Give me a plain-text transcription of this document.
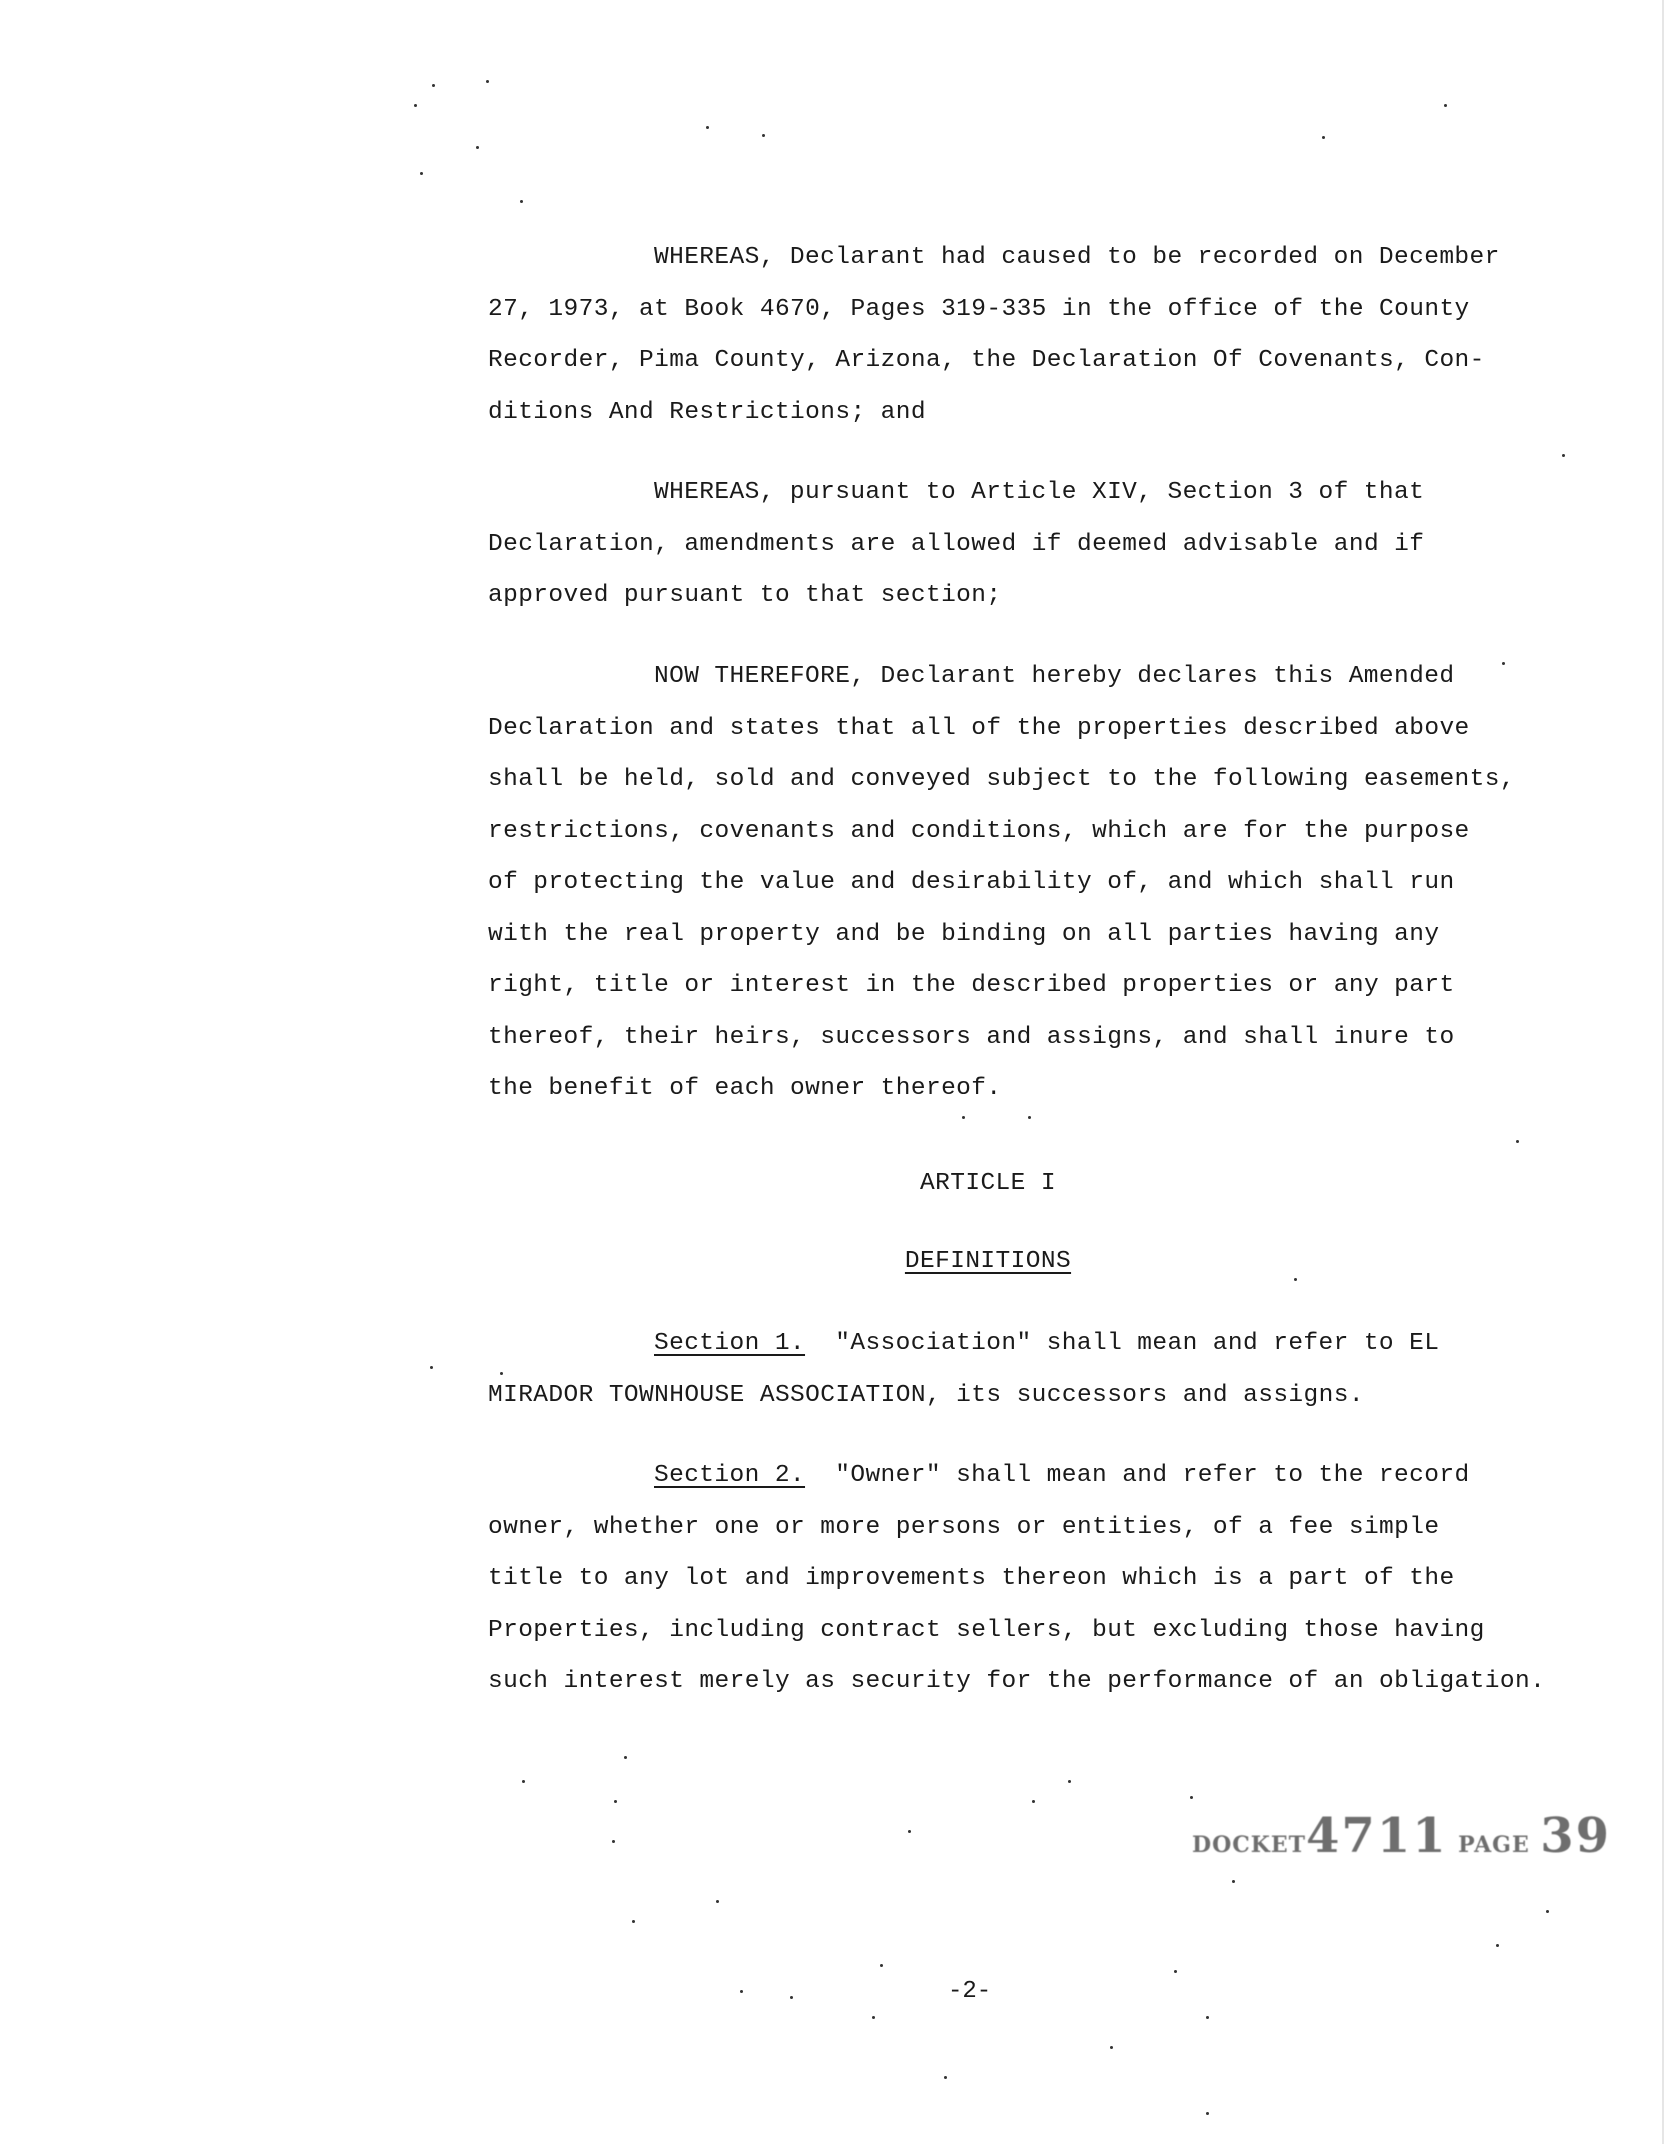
WHEREAS, Declarant had caused to be recorded on December
27, 1973, at Book 4670, Pages 319-335 in the office of the County
Recorder, Pima County, Arizona, the Declaration Of Covenants, Con-
ditions And Restrictions; and
WHEREAS, pursuant to Article XIV, Section 3 of that
Declaration, amendments are allowed if deemed advisable and if
approved pursuant to that section;
NOW THEREFORE, Declarant hereby declares this Amended
Declaration and states that all of the properties described above
shall be held, sold and conveyed subject to the following easements,
restrictions, covenants and conditions, which are for the purpose
of protecting the value and desirability of, and which shall run
with the real property and be binding on all parties having any
right, title or interest in the described properties or any part
thereof, their heirs, successors and assigns, and shall inure to
the benefit of each owner thereof.
ARTICLE I
DEFINITIONS
Section 1. "Association" shall mean and refer to EL
MIRADOR TOWNHOUSE ASSOCIATION, its successors and assigns.
Section 2. "Owner" shall mean and refer to the record
owner, whether one or more persons or entities, of a fee simple
title to any lot and improvements thereon which is a part of the
Properties, including contract sellers, but excluding those having
such interest merely as security for the performance of an obligation.
DOCKET4711 PAGE 39
-2-
